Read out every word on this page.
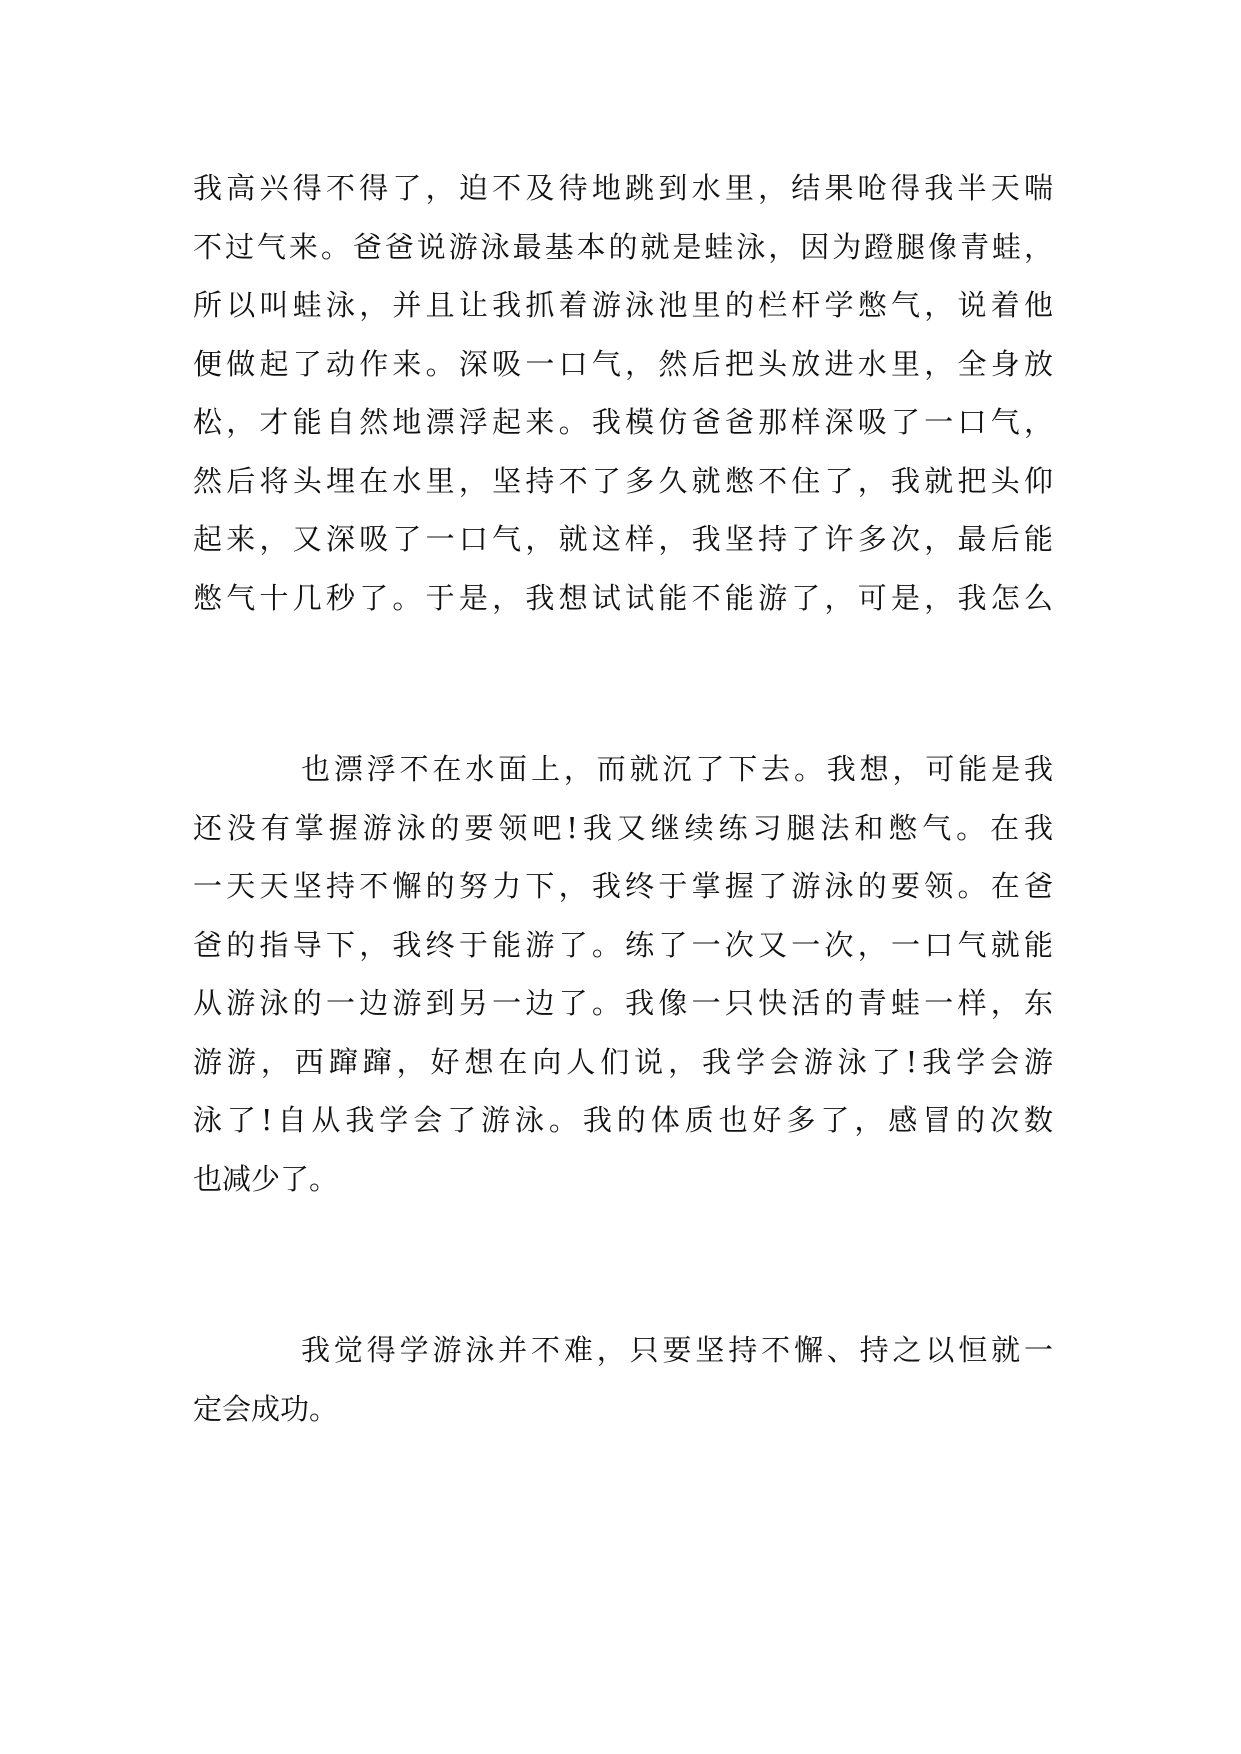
我高兴得不得了，迫不及待地跳到水里，结果呛得我半天喘
不过气来。爸爸说游泳最基本的就是蛙泳，因为蹬腿像青蛙，
所以叫蛙泳，并且让我抓着游泳池里的栏杆学憋气，说着他
便做起了动作来。深吸一口气，然后把头放进水里，全身放
松，才能自然地漂浮起来。我模仿爸爸那样深吸了一口气，
然后将头埋在水里，坚持不了多久就憋不住了，我就把头仰
起来，又深吸了一口气，就这样，我坚持了许多次，最后能
憋气十几秒了。于是，我想试试能不能游了，可是，我怎么

也漂浮不在水面上，而就沉了下去。我想，可能是我
还没有掌握游泳的要领吧!我又继续练习腿法和憋气。在我
一天天坚持不懈的努力下，我终于掌握了游泳的要领。在爸
爸的指导下，我终于能游了。练了一次又一次，一口气就能
从游泳的一边游到另一边了。我像一只快活的青蛙一样，东
游游，西蹿蹿，好想在向人们说，我学会游泳了!我学会游
泳了!自从我学会了游泳。我的体质也好多了，感冒的次数
也减少了。

我觉得学游泳并不难，只要坚持不懈、持之以恒就一
定会成功。
